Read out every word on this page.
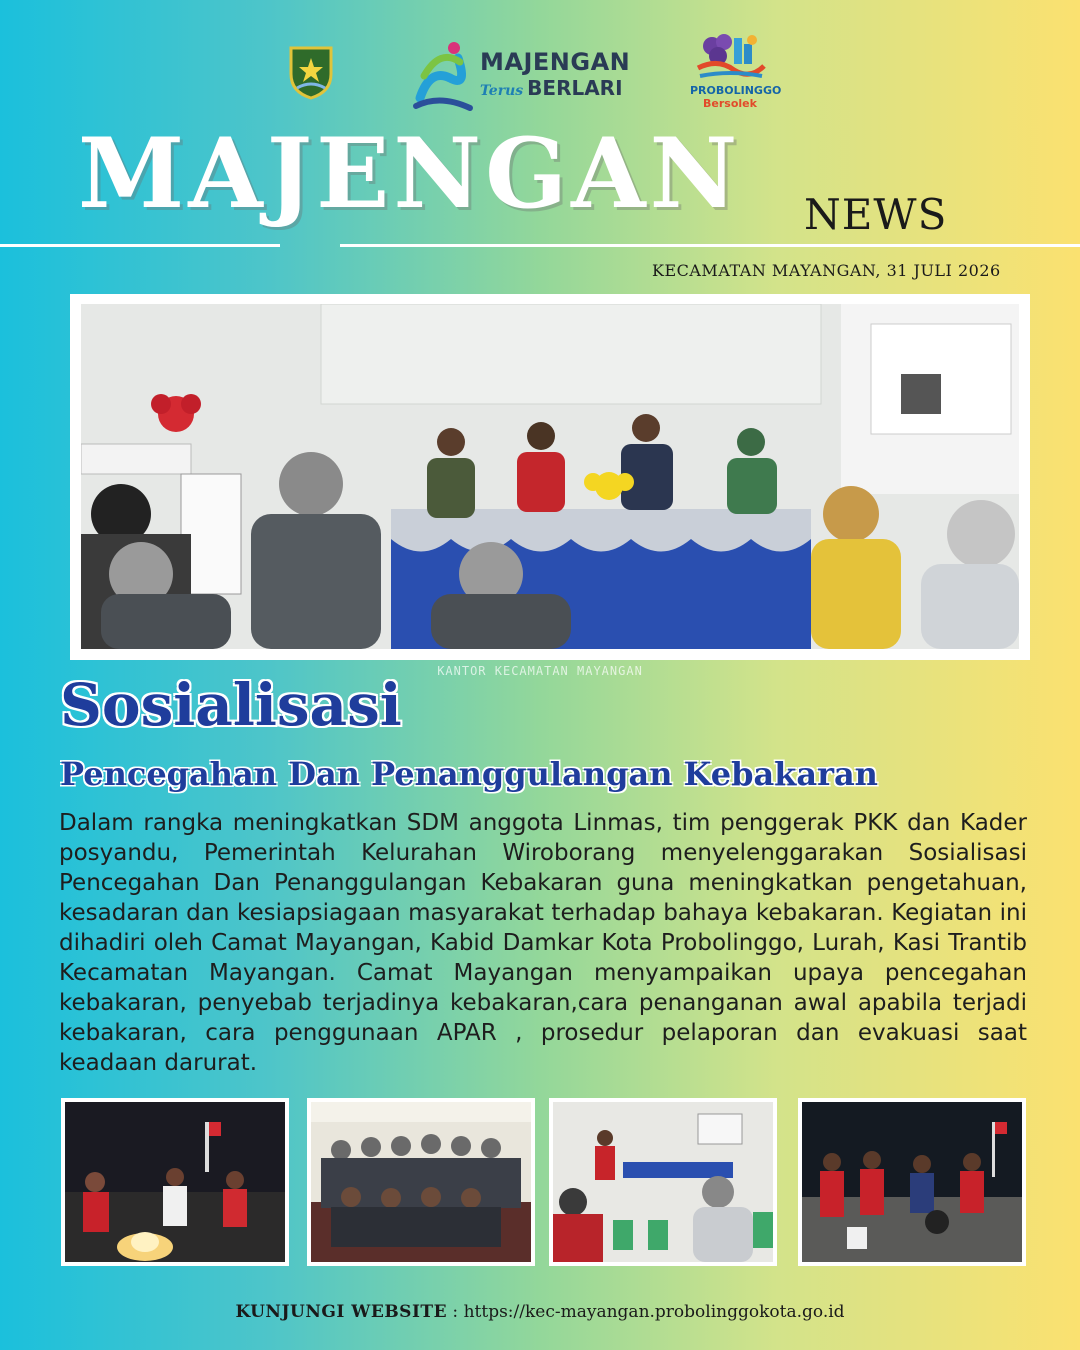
MAJENGAN
Terus BERLARI	PROBOLINGGO
Bersolek
MAJENGAN NEWS
KECAMATAN MAYANGAN, 31 JULI 2026
KANTOR KECAMATAN MAYANGAN
Sosialisasi
Pencegahan Dan Penanggulangan Kebakaran
Dalam rangka meningkatkan SDM anggota Linmas, tim penggerak PKK dan Kader posyandu, Pemerintah Kelurahan Wiroborang menyelenggarakan Sosialisasi Pencegahan Dan Penanggulangan Kebakaran guna meningkatkan pengetahuan, kesadaran dan kesiapsiagaan masyarakat terhadap bahaya kebakaran. Kegiatan ini dihadiri oleh Camat Mayangan, Kabid Damkar Kota Probolinggo, Lurah, Kasi Trantib Kecamatan Mayangan. Camat Mayangan menyampaikan upaya pencegahan kebakaran, penyebab terjadinya kebakaran,cara penanganan awal apabila terjadi kebakaran, cara penggunaan APAR , prosedur pelaporan dan evakuasi saat keadaan darurat.
KUNJUNGI WEBSITE : https://kec-mayangan.probolinggokota.go.id
